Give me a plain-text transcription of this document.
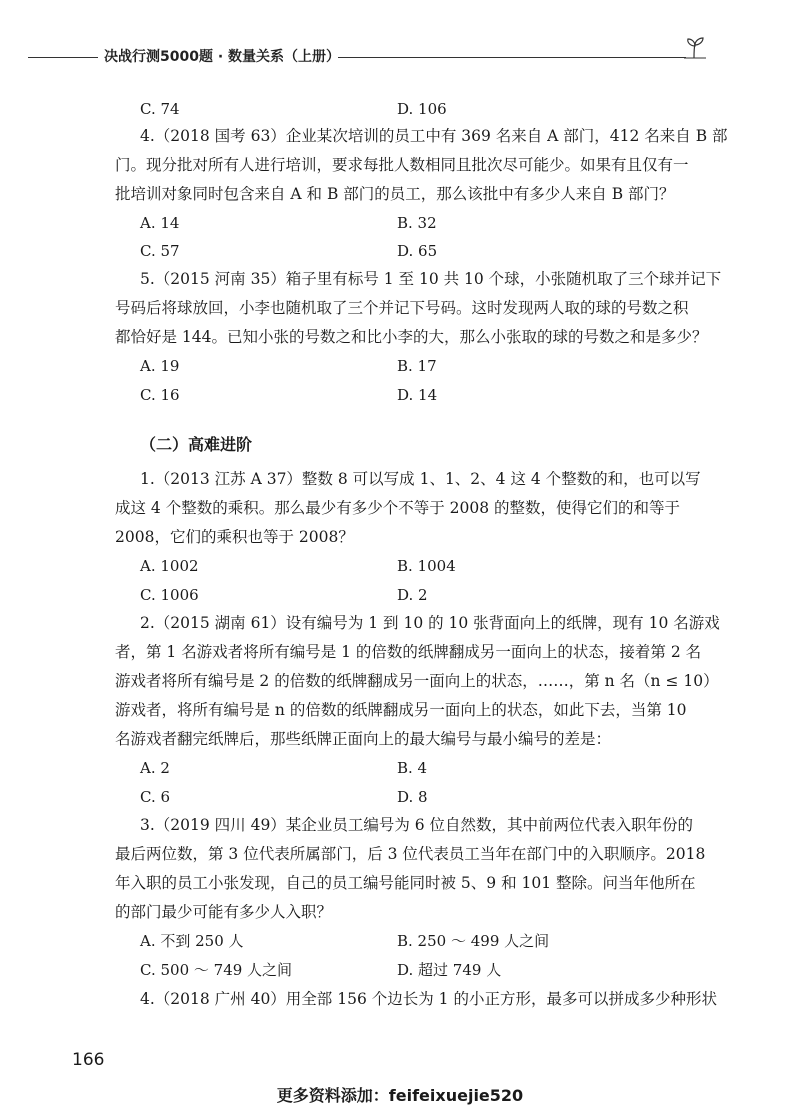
决战行测5000题 · 数量关系（上册）
C. 74	D. 106
4.（2018 国考 63）企业某次培训的员工中有 369 名来自 A 部门，412 名来自 B 部
门。现分批对所有人进行培训，要求每批人数相同且批次尽可能少。如果有且仅有一
批培训对象同时包含来自 A 和 B 部门的员工，那么该批中有多少人来自 B 部门？
A. 14	B. 32
C. 57	D. 65
5.（2015 河南 35）箱子里有标号 1 至 10 共 10 个球，小张随机取了三个球并记下
号码后将球放回，小李也随机取了三个并记下号码。这时发现两人取的球的号数之积
都恰好是 144。已知小张的号数之和比小李的大，那么小张取的球的号数之和是多少？
A. 19	B. 17
C. 16	D. 14
（二）高难进阶
1.（2013 江苏 A 37）整数 8 可以写成 1、1、2、4 这 4 个整数的和，也可以写
成这 4 个整数的乘积。那么最少有多少个不等于 2008 的整数，使得它们的和等于
2008，它们的乘积也等于 2008？
A. 1002	B. 1004
C. 1006	D. 2
2.（2015 湖南 61）设有编号为 1 到 10 的 10 张背面向上的纸牌，现有 10 名游戏
者，第 1 名游戏者将所有编号是 1 的倍数的纸牌翻成另一面向上的状态，接着第 2 名
游戏者将所有编号是 2 的倍数的纸牌翻成另一面向上的状态，……，第 n 名（n ≤ 10）
游戏者，将所有编号是 n 的倍数的纸牌翻成另一面向上的状态，如此下去，当第 10
名游戏者翻完纸牌后，那些纸牌正面向上的最大编号与最小编号的差是：
A. 2	B. 4
C. 6	D. 8
3.（2019 四川 49）某企业员工编号为 6 位自然数，其中前两位代表入职年份的
最后两位数，第 3 位代表所属部门，后 3 位代表员工当年在部门中的入职顺序。2018
年入职的员工小张发现，自己的员工编号能同时被 5、9 和 101 整除。问当年他所在
的部门最少可能有多少人入职？
A. 不到 250 人	B. 250 ～ 499 人之间
C. 500 ～ 749 人之间	D. 超过 749 人
4.（2018 广州 40）用全部 156 个边长为 1 的小正方形，最多可以拼成多少种形状
166
更多资料添加：feifeixuejie520
